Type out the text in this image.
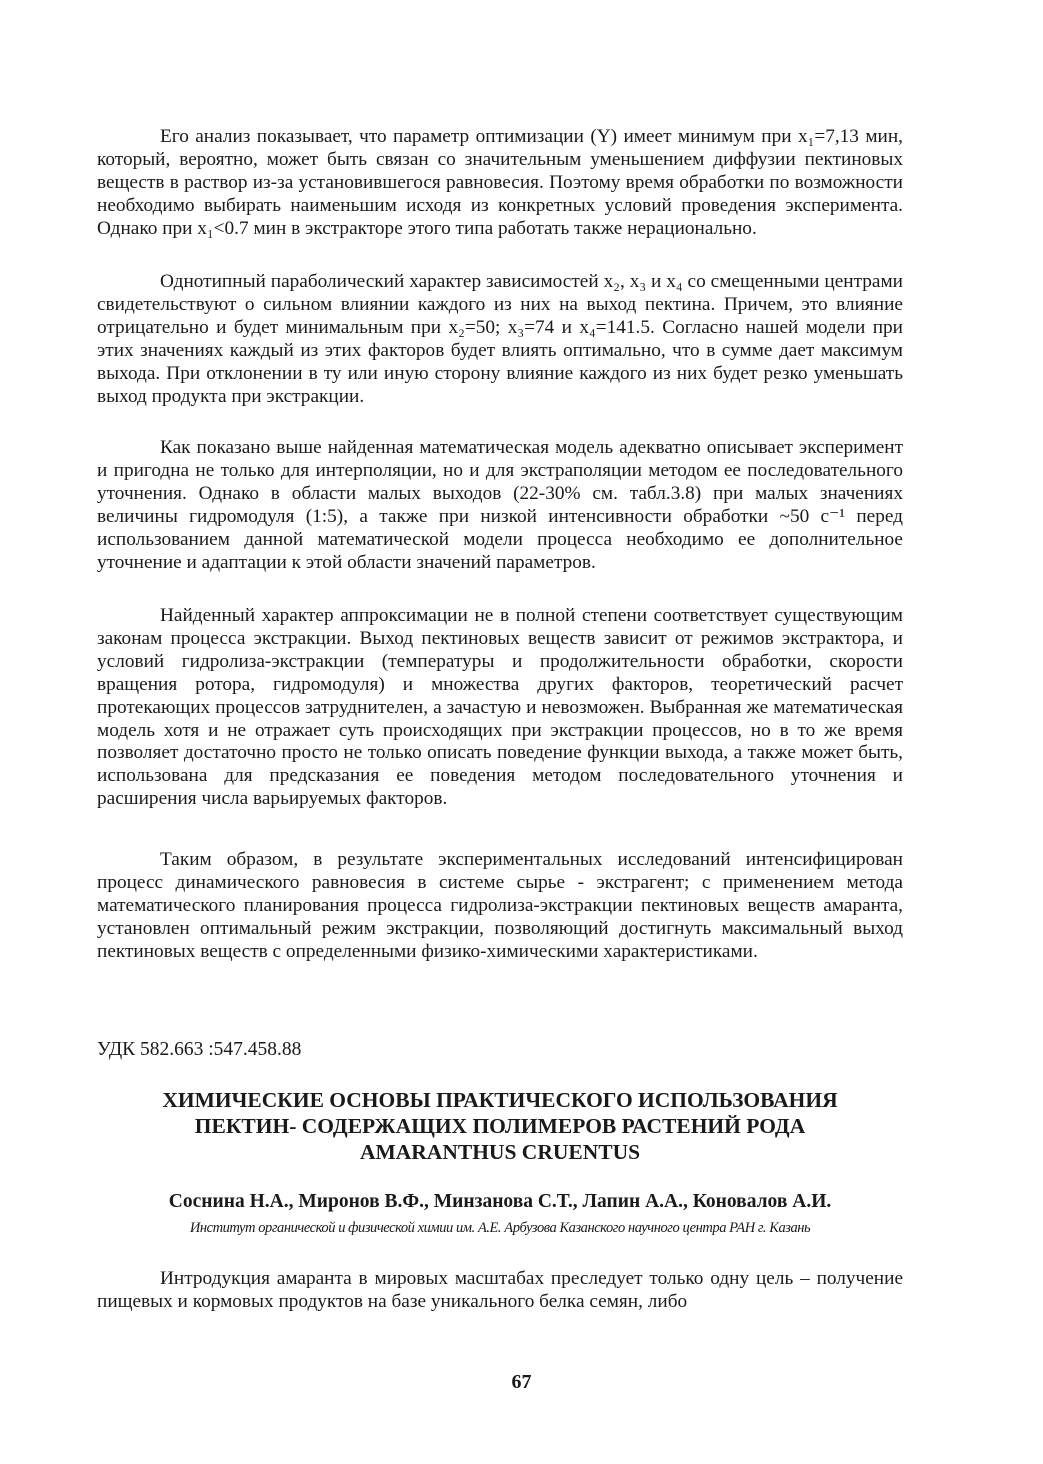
Его анализ показывает, что параметр оптимизации (Y) имеет минимум при x₁=7,13 мин, который, вероятно, может быть связан со значительным уменьшением диффузии пектиновых веществ в раствор из-за установившегося равновесия. Поэтому время обработки по возможности необходимо выбирать наименьшим исходя из конкретных условий проведения эксперимента. Однако при x₁<0.7 мин в экстракторе этого типа работать также нерационально.

Однотипный параболический характер зависимостей x₂, x₃ и x₄ со смещенными центрами свидетельствуют о сильном влиянии каждого из них на выход пектина. Причем, это влияние отрицательно и будет минимальным при x₂=50; x₃=74 и x₄=141.5. Согласно нашей модели при этих значениях каждый из этих факторов будет влиять оптимально, что в сумме дает максимум выхода. При отклонении в ту или иную сторону влияние каждого из них будет резко уменьшать выход продукта при экстракции.

Как показано выше найденная математическая модель адекватно описывает эксперимент и пригодна не только для интерполяции, но и для экстраполяции методом ее последовательного уточнения. Однако в области малых выходов (22-30% см. табл.3.8) при малых значениях величины гидромодуля (1:5), а также при низкой интенсивности обработки ~50 с⁻¹ перед использованием данной математической модели процесса необходимо ее дополнительное уточнение и адаптации к этой области значений параметров.

Найденный характер аппроксимации не в полной степени соответствует существующим законам процесса экстракции. Выход пектиновых веществ зависит от режимов экстрактора, и условий гидролиза-экстракции (температуры и продолжительности обработки, скорости вращения ротора, гидромодуля) и множества других факторов, теоретический расчет протекающих процессов затруднителен, а зачастую и невозможен. Выбранная же математическая модель хотя и не отражает суть происходящих при экстракции процессов, но в то же время позволяет достаточно просто не только описать поведение функции выхода, а также может быть, использована для предсказания ее поведения методом последовательного уточнения и расширения числа варьируемых факторов.

Таким образом, в результате экспериментальных исследований интенсифицирован процесс динамического равновесия в системе сырье - экстрагент; с применением метода математического планирования процесса гидролиза-экстракции пектиновых веществ амаранта, установлен оптимальный режим экстракции, позволяющий достигнуть максимальный выход пектиновых веществ с определенными физико-химическими характеристиками.

УДК 582.663 :547.458.88

ХИМИЧЕСКИЕ ОСНОВЫ ПРАКТИЧЕСКОГО ИСПОЛЬЗОВАНИЯ
ПЕКТИН- СОДЕРЖАЩИХ ПОЛИМЕРОВ РАСТЕНИЙ РОДА
AMARANTHUS CRUENTUS

Соснина Н.А., Миронов В.Ф., Минзанова С.Т., Лапин А.А., Коновалов А.И.

Институт органической и физической химии им. А.Е. Арбузова Казанского научного центра РАН г. Казань

Интродукция амаранта в мировых масштабах преследует только одну цель – получение пищевых и кормовых продуктов на базе уникального белка семян, либо

67
